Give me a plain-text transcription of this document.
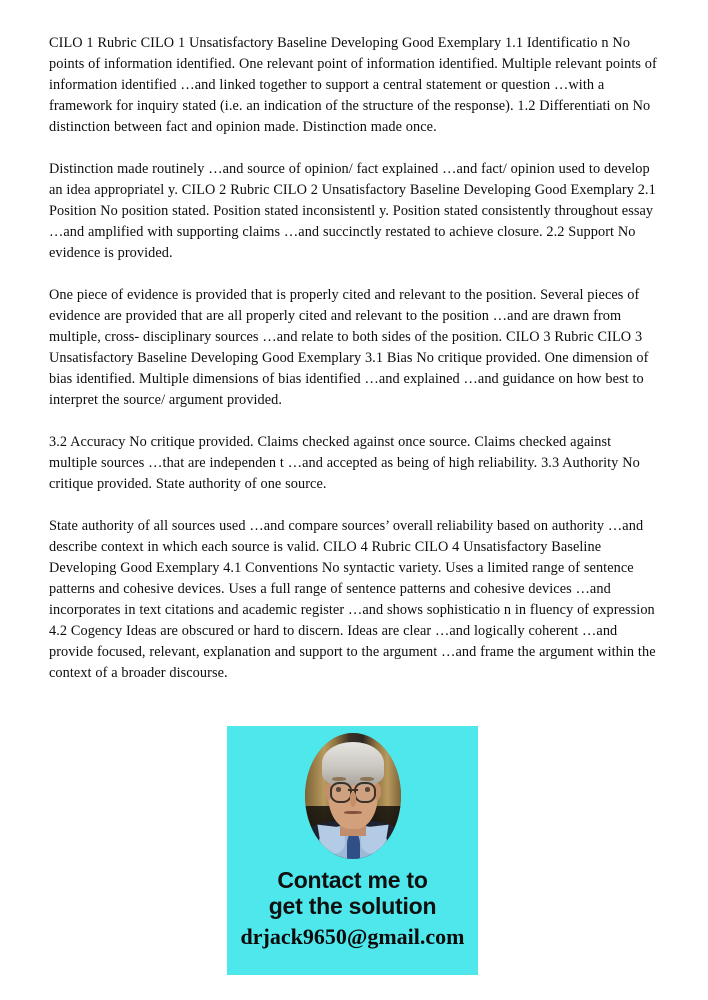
CILO 1 Rubric CILO 1 Unsatisfactory Baseline Developing Good Exemplary 1.1 Identificatio n No points of information identified. One relevant point of information identified. Multiple relevant points of information identified …and linked together to support a central statement or question …with a framework for inquiry stated (i.e. an indication of the structure of the response). 1.2 Differentiati on No distinction between fact and opinion made. Distinction made once.

Distinction made routinely …and source of opinion/ fact explained …and fact/ opinion used to develop an idea appropriatel y. CILO 2 Rubric CILO 2 Unsatisfactory Baseline Developing Good Exemplary 2.1 Position No position stated. Position stated inconsistentl y. Position stated consistently throughout essay …and amplified with supporting claims …and succinctly restated to achieve closure. 2.2 Support No evidence is provided.

One piece of evidence is provided that is properly cited and relevant to the position. Several pieces of evidence are provided that are all properly cited and relevant to the position …and are drawn from multiple, cross- disciplinary sources …and relate to both sides of the position. CILO 3 Rubric CILO 3 Unsatisfactory Baseline Developing Good Exemplary 3.1 Bias No critique provided. One dimension of bias identified. Multiple dimensions of bias identified …and explained …and guidance on how best to interpret the source/ argument provided.

3.2 Accuracy No critique provided. Claims checked against once source. Claims checked against multiple sources …that are independen t …and accepted as being of high reliability. 3.3 Authority No critique provided. State authority of one source.

State authority of all sources used …and compare sources’ overall reliability based on authority …and describe context in which each source is valid. CILO 4 Rubric CILO 4 Unsatisfactory Baseline Developing Good Exemplary 4.1 Conventions No syntactic variety. Uses a limited range of sentence patterns and cohesive devices. Uses a full range of sentence patterns and cohesive devices …and incorporates in text citations and academic register …and shows sophisticatio n in fluency of expression 4.2 Cogency Ideas are obscured or hard to discern. Ideas are clear …and logically coherent …and provide focused, relevant, explanation and support to the argument …and frame the argument within the context of a broader discourse.

Contact me to
get the solution
drjack9650@gmail.com
